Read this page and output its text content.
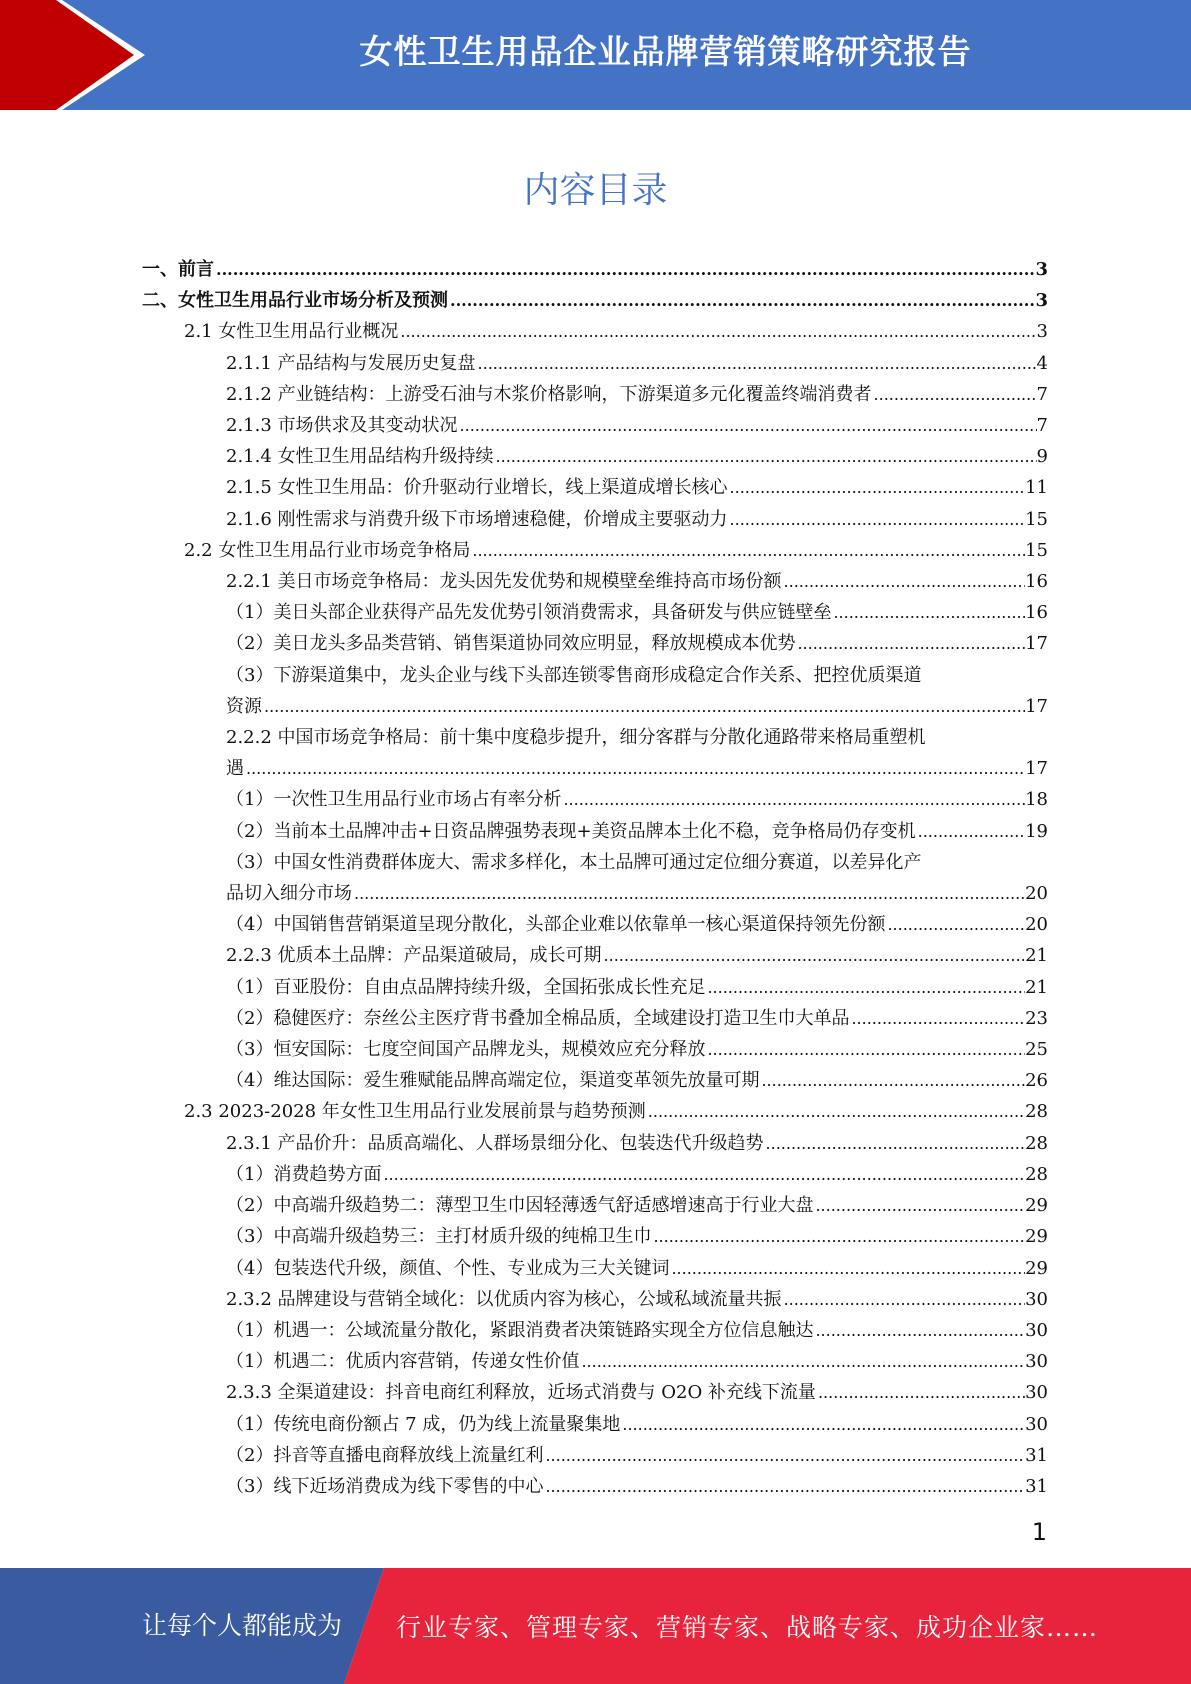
女性卫生用品企业品牌营销策略研究报告
内容目录
一、前言 .....	3
二、女性卫生用品行业市场分析及预测 .....	3
2.1 女性卫生用品行业概况 .....	3
2.1.1 产品结构与发展历史复盘 .....	4
2.1.2 产业链结构：上游受石油与木浆价格影响，下游渠道多元化覆盖终端消费者 .....	7
2.1.3 市场供求及其变动状况 .....	7
2.1.4 女性卫生用品结构升级持续 .....	9
2.1.5 女性卫生用品：价升驱动行业增长，线上渠道成增长核心 .....	11
2.1.6 刚性需求与消费升级下市场增速稳健，价增成主要驱动力 .....	15
2.2 女性卫生用品行业市场竞争格局 .....	15
2.2.1 美日市场竞争格局：龙头因先发优势和规模壁垒维持高市场份额 .....	16
（1）美日头部企业获得产品先发优势引领消费需求，具备研发与供应链壁垒 .....	16
（2）美日龙头多品类营销、销售渠道协同效应明显，释放规模成本优势 .....	17
（3）下游渠道集中，龙头企业与线下头部连锁零售商形成稳定合作关系、把控优质渠道
资源 .....	17
2.2.2 中国市场竞争格局：前十集中度稳步提升，细分客群与分散化通路带来格局重塑机
遇 .....	17
（1）一次性卫生用品行业市场占有率分析 .....	18
（2）当前本土品牌冲击+日资品牌强势表现+美资品牌本土化不稳，竞争格局仍存变机 .....	19
（3）中国女性消费群体庞大、需求多样化，本土品牌可通过定位细分赛道，以差异化产
品切入细分市场 .....	20
（4）中国销售营销渠道呈现分散化，头部企业难以依靠单一核心渠道保持领先份额 .....	20
2.2.3 优质本土品牌：产品渠道破局，成长可期 .....	21
（1）百亚股份：自由点品牌持续升级，全国拓张成长性充足 .....	21
（2）稳健医疗：奈丝公主医疗背书叠加全棉品质，全域建设打造卫生巾大单品 .....	23
（3）恒安国际：七度空间国产品牌龙头，规模效应充分释放 .....	25
（4）维达国际：爱生雅赋能品牌高端定位，渠道变革领先放量可期 .....	26
2.3 2023-2028 年女性卫生用品行业发展前景与趋势预测 .....	28
2.3.1 产品价升：品质高端化、人群场景细分化、包装迭代升级趋势 .....	28
（1）消费趋势方面 .....	28
（2）中高端升级趋势二：薄型卫生巾因轻薄透气舒适感增速高于行业大盘 .....	29
（3）中高端升级趋势三：主打材质升级的纯棉卫生巾 .....	29
（4）包装迭代升级，颜值、个性、专业成为三大关键词 .....	29
2.3.2 品牌建设与营销全域化：以优质内容为核心，公域私域流量共振 .....	30
（1）机遇一：公域流量分散化，紧跟消费者决策链路实现全方位信息触达 .....	30
（1）机遇二：优质内容营销，传递女性价值 .....	30
2.3.3 全渠道建设：抖音电商红利释放，近场式消费与 O2O 补充线下流量 .....	30
（1）传统电商份额占 7 成，仍为线上流量聚集地 .....	30
（2）抖音等直播电商释放线上流量红利 .....	31
（3）线下近场消费成为线下零售的中心 .....	31
1
让每个人都能成为 行业专家、管理专家、营销专家、战略专家、成功企业家……
